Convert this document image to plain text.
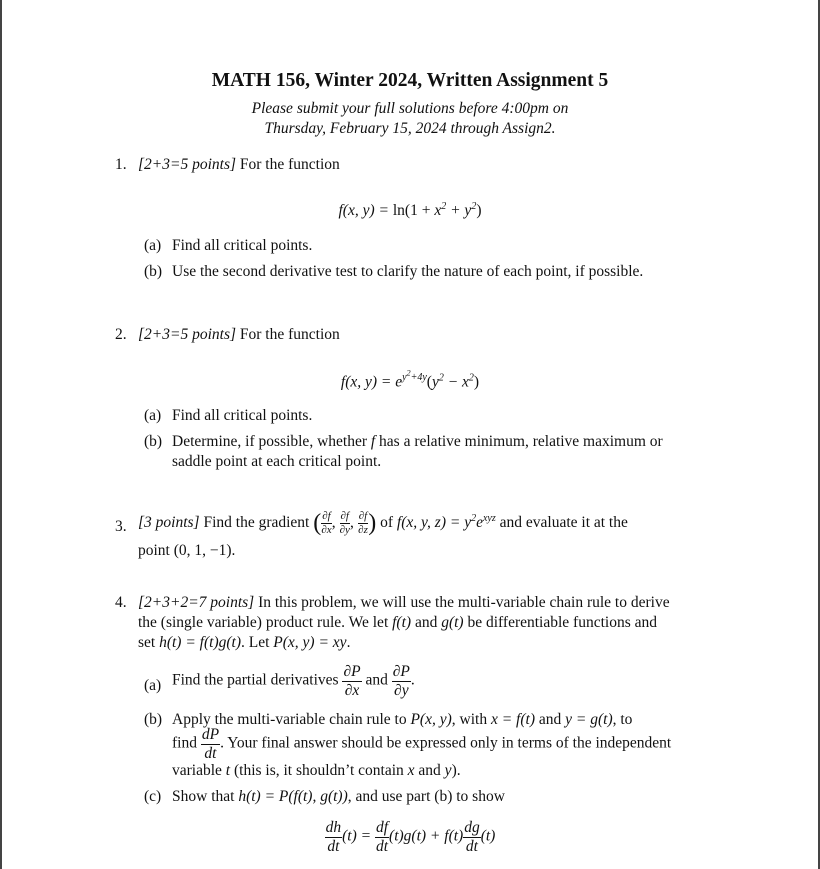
MATH 156, Winter 2024, Written Assignment 5
Please submit your full solutions before 4:00pm on
Thursday, February 15, 2024 through Assign2.
1. [2+3=5 points] For the function
f(x, $y) = \ln(1 + x^2 + y^2)$
(a) Find all critical points.
(b) Use the second derivative test to clarify the nature of each point, if possible.
2. [2+3=5 points] For the function
f(x, $y) = e^{y^2+4y}(y^2 - x^2)$
(a) Find all critical points.
(b) Determine, if possible, whether f has a relative minimum, relative maximum or
saddle point at each critical point.
3. [3 points] Find the gradient ( $\frac{\partial f}{\partial x}$ , $\frac{\partial f}{\partial y}$ , $\frac{\partial f}{\partial z}$ ) of f(x, y, $z) = y^2e^{xyz}$ and evaluate it at the
point (0, 1, −1).
4. [2+3+2=7 points] In this problem, we will use the multi-variable chain rule to derive
the (single variable) product rule. We let f(t) and g(t) be differentiable functions and
set h(t) = f(t)g(t). Let P(x, y) = xy.
(a) Find the partial derivatives $\frac{\partial P}{\partial x}$ and $\frac{\partial P}{\partial y}$ .
(b) Apply the multi-variable chain rule to P(x, y), with x = f(t) and y = g(t), to
find $\frac{dP}{dt}$ . Your final answer should be expressed only in terms of the independent
variable t (this is, it shouldn’t contain x and y).
(c) Show that h(t) = P(f(t), g(t)), and use part (b) to show
$\frac{dh}{dt} (t) = \frac{df}{dt} (t)g(t) + f(t) \frac{dg}{dt} (t)$
